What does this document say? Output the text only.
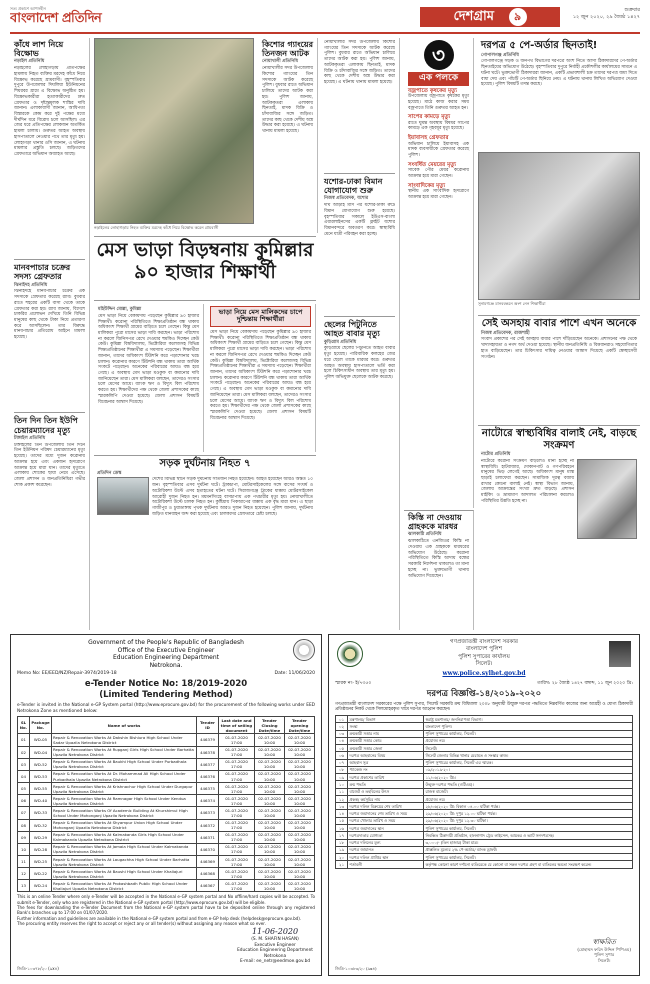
সত্য প্রকাশে আপসহীন
বাংলাদেশ প্রতিদিন	দেশগ্রাম ৯	শুক্রবার
১২ জুন ২০২০, ২৯ জ্যৈষ্ঠ ১৪২৭
কাঁধে লাশ নিয়ে বিক্ষোভ
নড়াইল প্রতিনিধি
নড়াইলের লোহাগড়ায় প্রতিপক্ষের হামলায় নিহত ব্যক্তির মরদেহ কাঁধে নিয়ে বিক্ষোভ করেছে গ্রামবাসী। বৃহস্পতিবার দুপুরে উপজেলার দিঘলিয়া ইউনিয়নের শিয়রবর গ্রামে এ বিক্ষোভ অনুষ্ঠিত হয়। বিক্ষোভকারীরা হত্যাকারীদের দ্রুত গ্রেফতার ও দৃষ্টান্তমূলক শাস্তির দাবি জানান। এলাকাবাসী জানান, আধিপত্য বিস্তারকে কেন্দ্র করে দুই পক্ষের মধ্যে দীর্ঘদিন ধরে বিরোধ চলে আসছিল। এর জের ধরে প্রতিপক্ষের লোকজন অতর্কিত হামলা চালায়। গুরুতর আহত অবস্থায় হাসপাতালে নেওয়ার পথে তার মৃত্যু হয়। লোহাগড়া থানার ওসি জানান, এ ঘটনায় মামলার প্রস্তুতি চলছে। জড়িতদের গ্রেফতারে অভিযান অব্যাহত আছে।
মানবপাচার চক্রের সদস্য গ্রেফতার
ঝিনাইদহ প্রতিনিধি
ঝিনাইদহে মানবপাচার চক্রের এক সদস্যকে গ্রেফতার করেছে র‌্যাব। বুধবার রাতে শহরের একটি বাসা থেকে তাকে গ্রেফতার করা হয়। র‌্যাব জানায়, বিদেশে চাকরির প্রলোভন দেখিয়ে তিনি বিভিন্ন মানুষের কাছ থেকে টাকা নিয়ে প্রতারণা করে আসছিলেন। তার বিরুদ্ধে মানবপাচার প্রতিরোধ আইনে মামলা হয়েছে।
তিন দিন তিন ইউপি চেয়ারম্যানের মৃত্যু
টাঙ্গাইল প্রতিনিধি
টাঙ্গাইলের তিন উপজেলায় তিন দিনে তিন ইউনিয়ন পরিষদ চেয়ারম্যানের মৃত্যু হয়েছে। তাদের মধ্যে দুজন করোনায় আক্রান্ত হয়ে এবং একজন হৃদরোগে আক্রান্ত হয়ে মারা যান। তাদের মৃত্যুতে এলাকায় শোকের ছায়া নেমে এসেছে। জেলা প্রশাসন ও জনপ্রতিনিধিরা গভীর শোক প্রকাশ করেছেন।
নড়াইলের লোহাগড়ায় নিহত ব্যক্তির মরদেহ কাঁধে নিয়ে বিক্ষোভ করেন গ্রামবাসী
মেস ভাড়া বিড়ম্বনায় কুমিল্লার ৯০ হাজার শিক্ষার্থী
মহিউদ্দিন মোল্লা, কুমিল্লা
মেস ভাড়া নিয়ে বেকায়দায় পড়েছেন কুমিল্লার ৯০ হাজার শিক্ষার্থী। করোনা পরিস্থিতিতে শিক্ষাপ্রতিষ্ঠান বন্ধ থাকায় অধিকাংশ শিক্ষার্থী গ্রামের বাড়িতে চলে গেছেন। কিন্তু মেস মালিকরা পুরো মাসের ভাড়া দাবি করছেন। ভাড়া পরিশোধ না করলে জিনিসপত্র রেখে দেওয়ার হুমকিও দিচ্ছেন কেউ কেউ। কুমিল্লা বিশ্ববিদ্যালয়, ভিক্টোরিয়া কলেজসহ বিভিন্ন শিক্ষাপ্রতিষ্ঠানের শিক্ষার্থীরা এ সমস্যায় পড়েছেন। শিক্ষার্থীরা জানান, তাদের অধিকাংশ টিউশনি করে পড়াশোনার খরচ চালান। করোনার কারণে টিউশনি বন্ধ থাকায় তারা আর্থিক সংকটে পড়েছেন। অনেকের পরিবারের আয়ও বন্ধ হয়ে গেছে। এ অবস্থায় মেস ভাড়া মওকুফ বা কমানোর দাবি জানিয়েছেন তারা। মেস মালিকরা বলছেন, তাদেরও সংসার চলে মেসের আয়ে। ব্যাংক ঋণ ও বিদ্যুৎ বিল পরিশোধ করতে হয়। শিক্ষার্থীদের পক্ষ থেকে জেলা প্রশাসকের কাছে স্মারকলিপি দেওয়া হয়েছে। জেলা প্রশাসন বিষয়টি বিবেচনার আশ্বাস দিয়েছে।
ভাড়া নিয়ে মেস মালিকদের চাপে দুশ্চিন্তায় শিক্ষার্থীরা
মেস ভাড়া নিয়ে বেকায়দায় পড়েছেন কুমিল্লার ৯০ হাজার শিক্ষার্থী। করোনা পরিস্থিতিতে শিক্ষাপ্রতিষ্ঠান বন্ধ থাকায় অধিকাংশ শিক্ষার্থী গ্রামের বাড়িতে চলে গেছেন। কিন্তু মেস মালিকরা পুরো মাসের ভাড়া দাবি করছেন। ভাড়া পরিশোধ না করলে জিনিসপত্র রেখে দেওয়ার হুমকিও দিচ্ছেন কেউ কেউ। কুমিল্লা বিশ্ববিদ্যালয়, ভিক্টোরিয়া কলেজসহ বিভিন্ন শিক্ষাপ্রতিষ্ঠানের শিক্ষার্থীরা এ সমস্যায় পড়েছেন। শিক্ষার্থীরা জানান, তাদের অধিকাংশ টিউশনি করে পড়াশোনার খরচ চালান। করোনার কারণে টিউশনি বন্ধ থাকায় তারা আর্থিক সংকটে পড়েছেন। অনেকের পরিবারের আয়ও বন্ধ হয়ে গেছে। এ অবস্থায় মেস ভাড়া মওকুফ বা কমানোর দাবি জানিয়েছেন তারা। মেস মালিকরা বলছেন, তাদেরও সংসার চলে মেসের আয়ে। ব্যাংক ঋণ ও বিদ্যুৎ বিল পরিশোধ করতে হয়। শিক্ষার্থীদের পক্ষ থেকে জেলা প্রশাসকের কাছে স্মারকলিপি দেওয়া হয়েছে। জেলা প্রশাসন বিষয়টি বিবেচনার আশ্বাস দিয়েছে।
সড়ক দুর্ঘটনায় নিহত ৭
প্রতিদিন ডেস্ক
দেশের বিভিন্ন স্থানে সড়ক দুর্ঘটনায় সাতজন নিহত হয়েছেন। আহত হয়েছেন আরও অন্তত ১০ জন। বৃহস্পতিবার এসব দুর্ঘটনা ঘটে। ট্রাকচাপা, মোটরসাইকেলের সঙ্গে বাসের সংঘর্ষ ও অটোরিকশা উল্টে এসব হতাহতের ঘটনা ঘটে। সিরাজগঞ্জে ট্রাকের ধাক্কায় মোটরসাইকেল আরোহী দুজন নিহত হন। ময়মনসিংহে বাসচাপায় এক পথচারীর মৃত্যু হয়। নোয়াখালীতে অটোরিকশা উল্টে চালক নিহত হন। কুষ্টিয়ায় পিকআপের ধাক্কায় এক বৃদ্ধ মারা যান। এ ছাড়া গাজীপুর ও চুয়াডাঙ্গায় পৃথক দুর্ঘটনায় আরও দুজন নিহত হয়েছেন। পুলিশ জানায়, দুর্ঘটনায় জড়িত যানবাহন জব্দ করা হয়েছে এবং চালকদের গ্রেফতারে চেষ্টা চলছে।
কিশোর গ্যাংয়ের তিনজন আটক
নোয়াখালী প্রতিনিধি
নোয়াখালীর সদর উপজেলায় কিশোর গ্যাংয়ের তিন সদস্যকে আটক করেছে পুলিশ। বুধবার রাতে অভিযান চালিয়ে তাদের আটক করা হয়। পুলিশ জানায়, আটককৃতরা এলাকায় ছিনতাই, মাদক বিক্রি ও চাঁদাবাজির সঙ্গে জড়িত। তাদের কাছ থেকে দেশীয় অস্ত্র উদ্ধার করা হয়েছে। এ ঘটনায় থানায় মামলা হয়েছে।
নোয়াখালীর সদর উপজেলায় কিশোর গ্যাংয়ের তিন সদস্যকে আটক করেছে পুলিশ। বুধবার রাতে অভিযান চালিয়ে তাদের আটক করা হয়। পুলিশ জানায়, আটককৃতরা এলাকায় ছিনতাই, মাদক বিক্রি ও চাঁদাবাজির সঙ্গে জড়িত। তাদের কাছ থেকে দেশীয় অস্ত্র উদ্ধার করা হয়েছে। এ ঘটনায় থানায় মামলা হয়েছে।
যশোর-ঢাকা বিমান যোগাযোগ শুরু
নিজস্ব প্রতিবেদক, যশোর
দীর্ঘ আড়াই মাস পর যশোর-ঢাকা রুটে বিমান যোগাযোগ শুরু হয়েছে। বৃহস্পতিবার সকালে ইউএস-বাংলা এয়ারলাইনসের একটি ফ্লাইট যশোর বিমানবন্দরে অবতরণ করে। স্বাস্থ্যবিধি মেনে যাত্রী পরিবহন করা হচ্ছে।
ছেলের পিটুনিতে আহত বাবার মৃত্যু
কুড়িগ্রাম প্রতিনিধি
কুড়িগ্রামে ছেলের পিটুনিতে আহত বাবার মৃত্যু হয়েছে। পারিবারিক কলহের জের ধরে ছেলে তাকে মারধর করে। গুরুতর আহত অবস্থায় হাসপাতালে ভর্তি করা হলে চিকিৎসাধীন অবস্থায় তার মৃত্যু হয়। পুলিশ অভিযুক্ত ছেলেকে আটক করেছে।
৩
এক পলকে
বজ্রপাতে কৃষকের মৃত্যু
উপজেলায় বজ্রপাতে কৃষকের মৃত্যু হয়েছে। মাঠে কাজ করার সময় বজ্রপাতে তিনি গুরুতর আহত হন।
সাপের কামড়ে মৃত্যু
রাতে ঘুমন্ত অবস্থায় বিষধর সাপের কামড়ে এক গৃহবধূর মৃত্যু হয়েছে।
ইয়াবাসহ গ্রেফতার
অভিযান চালিয়ে ইয়াবাসহ এক মাদক ব্যবসায়ীকে গ্রেফতার করেছে পুলিশ।
সংবর্ধিত মেয়রের মৃত্যু
সাবেক পৌর মেয়র করোনায় আক্রান্ত হয়ে মারা গেছেন।
সাংবাদিকের মৃত্যু
স্থানীয় এক সাংবাদিক হৃদরোগে আক্রান্ত হয়ে মারা গেছেন।
কিস্তি না দেওয়ায় গ্রাহককে মারধর
ঝালকাঠি প্রতিনিধি
ঝালকাঠিতে এনজিওর কিস্তি না দেওয়ায় এক গ্রাহককে মারধরের অভিযোগ উঠেছে। করোনা পরিস্থিতিতে কিস্তি আদায় বন্ধের সরকারি নির্দেশনা থাকলেও তা মানা হচ্ছে না। ভুক্তভোগী থানায় অভিযোগ দিয়েছেন।
দরপত্র ৫ পে-অর্ডার ছিনতাই!
গোপালগঞ্জ প্রতিনিধি
গোপালগঞ্জে সড়ক ও জনপথ বিভাগের দরপত্রে অংশ নিতে আসা ঠিকাদারদের পে-অর্ডার ছিনতাইয়ের অভিযোগ উঠেছে। বৃহস্পতিবার দুপুরে নির্বাহী প্রকৌশলীর কার্যালয়ের সামনে এ ঘটনা ঘটে। ভুক্তভোগী ঠিকাদাররা জানান, একটি প্রভাবশালী চক্র তাদের দরপত্র জমা দিতে বাধা দেয় এবং পাঁচটি পে-অর্ডার ছিনিয়ে নেয়। এ ঘটনায় থানায় লিখিত অভিযোগ দেওয়া হয়েছে। পুলিশ বিষয়টি তদন্ত করছে।
সুনামগঞ্জে মানববন্ধনে অংশ নেন শিক্ষার্থীরা
সেই অসহায় বাবার পাশে এখন অনেকে
নিজস্ব প্রতিবেদক, রাজশাহী
সংবাদ প্রকাশের পর সেই অসহায় বাবার পাশে দাঁড়িয়েছেন অনেকে। প্রশাসনের পক্ষ থেকে খাদ্যসহায়তা ও নগদ অর্থ দেওয়া হয়েছে। স্থানীয় জনপ্রতিনিধি ও বিত্তবানরাও সহযোগিতার হাত বাড়িয়েছেন। তার চিকিৎসার দায়িত্ব নেওয়ার আশ্বাস দিয়েছে একটি স্বেচ্ছাসেবী সংগঠন।
নাটোরে স্বাস্থ্যবিধির বালাই নেই, বাড়ছে সংক্রমণ
নাটোর প্রতিনিধি
নাটোরে করোনা সংক্রমণ বাড়লেও মানা হচ্ছে না স্বাস্থ্যবিধি। হাটবাজার, দোকানপাট ও গণপরিবহনে মানুষের ভিড় লেগেই আছে। অধিকাংশ মানুষ মাস্ক ছাড়াই চলাফেরা করছেন। সামাজিক দূরত্ব বজায় রাখার কোনো বালাই নেই। স্বাস্থ্য বিভাগ জানায়, জেলায় আক্রান্তের সংখ্যা দ্রুত বাড়ছে। প্রশাসন মাইকিং ও ভ্রাম্যমাণ আদালত পরিচালনা করলেও পরিস্থিতির উন্নতি হচ্ছে না।
Government of the People's Republic of Bangladesh
Office of the Executive Engineer
Education Engineering Department
Netrokona.
Memo No: EE/EED/NZ/Repair-3974/2019-18	Date: 11/06/2020
e-Tender Notice No: 18/2019-2020
(Limited Tendering Method)
e-Tender is invited in the National e-GP System portal (http://www.eprocure.gov.bd) for the procurement of the following works under EED Netrokona Zone as mentioned below:
SL No.	Package No.	Name of works	Tender ID	Last date and time of selling document	Tender Closing Date/time	Tender opening Date/time
01	WD-05	Repair & Renovation Works At Dakshin Bishiura High School Under Sadar Upazila Netrokona District	446379	01-07-2020 17:00	02-07-2020 10:00	02-07-2020 10:00
02	WD-04	Repair & Renovation Works At Rupganj Girls High School Under Barhatta Upazila Netrokona District	446378	01-07-2020 17:00	02-07-2020 10:00	02-07-2020 10:00
03	WD-52	Repair & Renovation Works At Baukhi High School Under Purbadhala Upazila Netrokona District	446377	01-07-2020 17:00	02-07-2020 10:00	02-07-2020 10:00
04	WD-53	Repair & Renovation Works At Dr. Mohammad Ali High School Under Purbadhala Upazila Netrokona District	446376	01-07-2020 17:00	02-07-2020 10:00	02-07-2020 10:00
05	WD-55	Repair & Renovation Works At Krishnachur High School Under Durgapur Upazila Netrokona District	446375	01-07-2020 17:00	02-07-2020 10:00	02-07-2020 10:00
06	WD-40	Repair & Renovation Works At Ramnagar High School Under Kendua Upazila Netrokona District	446374	01-07-2020 17:00	02-07-2020 10:00	02-07-2020 10:00
07	WD-33	Repair & Renovation Works Of Academic Building At Khurshimul High School Under Mohonganj Upazila Netrokona District	446373	01-07-2020 17:00	02-07-2020 10:00	02-07-2020 10:00
08	WD-32	Repair & Renovation Works At Shyampur Union High School Under Mohonganj Upazila Netrokona District	446372	01-07-2020 17:00	02-07-2020 10:00	02-07-2020 10:00
09	WD-29	Repair & Renovation Works At Kalmakanda Girls High School Under Kalmakanda Upazila Netrokona District	446371	01-07-2020 17:00	02-07-2020 10:00	02-07-2020 10:00
10	WD-28	Repair & Renovation Works At Jamaia High School Under Kalmakanda Upazila Netrokona District	446370	01-07-2020 17:00	02-07-2020 10:00	02-07-2020 10:00
11	WD-25	Repair & Renovation Works At Laugachha High School Under Barhatta Upazila Netrokona District	446369	01-07-2020 17:00	02-07-2020 10:00	02-07-2020 10:00
12	WD-22	Repair & Renovation Works At Baushi High School Under Khaliajuri Upazila Netrokona District	446368	01-07-2020 17:00	02-07-2020 10:00	02-07-2020 10:00
13	WD-24	Repair & Renovation Works At Prokashbadh Public High School Under Khaliajuri Upazila Netrokona District	446367	01-07-2020 17:00	02-07-2020 10:00	02-07-2020 10:00
This is an online Tender where only e-Tender will be accepted in the National e-GP system portal and No offline/hard copies will be accepted. To submit e-Tender, only who are registered in the National e-GP system portal (http://www.eprocure.gov.bd) will be eligible.
The fees for downloading the e-Tender Document from the National e-GP system portal have to be deposited online through any registered Bank's branches up to 17:00 on 01/07/2020.
Further information and guidelines are available in the National e-GP system portal and from e-GP help desk (helpdesk@eprocure.gov.bd).
The procuring entity reserves the right to accept or reject any or all tender(s) without assigning any reason what so ever.
11-06-2020
(S. M. SHAFIN HASAN)
Executive Engineer
Education Engineering Department
Netrokona
E-mail: ee_netr@eedmoe.gov.bd
জিডি-১০৩৭৮/২০ (৯x৪)
গণপ্রজাতন্ত্রী বাংলাদেশ সরকার
বাংলাদেশ পুলিশ
পুলিশ সুপারের কার্যালয়
সিলেট।
www.police.sylhet.gov.bd
স্মারক নং- ই/৭৩৫০	তারিখ: ২৮ জ্যৈষ্ঠ ১৪২৭ বঙ্গাব্দ, ১১ জুন ২০২০ খ্রি:
দরপত্র বিজ্ঞপ্তি-১৪/২০১৯-২০২০
গণপ্রজাতন্ত্রী বাংলাদেশ সরকারের পক্ষে পুলিশ সুপার, সিলেট সরকারি ক্রয় বিধিমালা ২০০৮ অনুযায়ী উন্মুক্ত দরপত্র পদ্ধতিতে নিম্নবর্ণিত কাজের জন্য আগ্রহী ও যোগ্য ঠিকাদারী প্রতিষ্ঠানের নিকট থেকে সিলমোহরকৃত খামে দরপত্র আহ্বান করছেন।
০১	মন্ত্রণালয়/ বিভাগ	স্বরাষ্ট্র মন্ত্রণালয়/ জননিরাপত্তা বিভাগ।
০২	সংস্থা	বাংলাদেশ পুলিশ।
০৩	ক্রয়কারী সত্তার নাম	পুলিশ সুপারের কার্যালয়, সিলেট।
০৪	ক্রয়কারী সত্তার কোড	প্রযোজ্য নয়।
০৫	ক্রয়কারী সত্তার জেলা	সিলেট।
০৬	দরপত্র আহবানের বিষয়	সিলেট জেলার বিভিন্ন থানার মেরামত ও সংস্কার কাজ।
০৭	আহবান সূত্র	পুলিশ সুপারের কার্যালয়, সিলেট এর স্মারক।
০৮	প্যাকেজ নং	০৯/২০১৯-২০।
০৯	দরপত্র প্রকাশের তারিখ	১১/০৬/২০২০ খ্রি:।
১০	ক্রয় পদ্ধতি	উন্মুক্ত দরপত্র পদ্ধতি (ওটিএম)।
১১	বাজেট ও তহবিলের উৎস	রাজস্ব বাজেট।
১২	প্রকল্প/ কর্মসূচির নাম	প্রযোজ্য নয়।
১৩	দরপত্র দলিল বিক্রয়ের শেষ তারিখ	২৮/০৬/২০২০ খ্রি: বিকাল ০৪.০০ ঘটিকা পর্যন্ত।
১৪	দরপত্র জমাদানের শেষ তারিখ ও সময়	২৯/০৬/২০২০ খ্রি: দুপুর ১২.০০ ঘটিকা পর্যন্ত।
১৫	দরপত্র খোলার তারিখ ও সময়	২৯/০৬/২০২০ খ্রি: দুপুর ১২.৩০ ঘটিকা।
১৬	দরপত্র জমাদানের স্থান	পুলিশ সুপারের কার্যালয়, সিলেট।
১৭	দরপত্রদাতার যোগ্যতা	নিবন্ধিত ঠিকাদারী প্রতিষ্ঠান, হালনাগাদ ট্রেড লাইসেন্স, আয়কর ও ভ্যাট সনদপত্রসহ।
১৮	দরপত্র দলিলের মূল্য	৩,০০০/- (তিন হাজার) টাকা মাত্র।
১৯	দরপত্র জামানত	প্রাক্কলিত মূল্যের ২% পে-অর্ডার/ ব্যাংক ড্রাফট।
২০	দরপত্র দলিল প্রাপ্তির স্থান	পুলিশ সুপারের কার্যালয়, সিলেট।
২১	শর্তাবলী	কর্তৃপক্ষ কোনো কারণ দর্শানো ব্যতিরেকে যে কোনো বা সকল দরপত্র গ্রহণ বা বাতিলের ক্ষমতা সংরক্ষণ করেন।
স্বাক্ষরিত
(মোহাম্মদ ফরিদ উদ্দিন পিপিএম)
পুলিশ সুপার
সিলেট।
জিডি-১০৩৮৩/২০ (৯x৪)
